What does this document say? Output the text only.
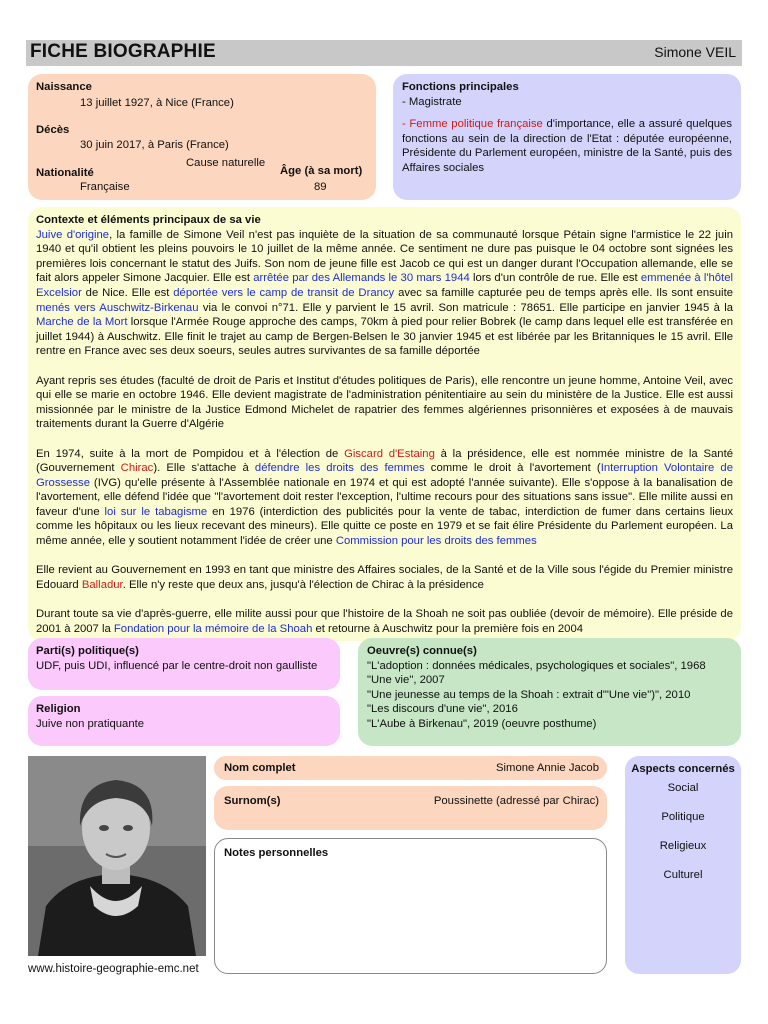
FICHE BIOGRAPHIE	Simone VEIL
Naissance
13 juillet 1927, à Nice (France)
Décès
30 juin 2017, à Paris (France)
Cause naturelle
Nationalité
Française
Âge (à sa mort)
89
Fonctions principales
- Magistrate
- Femme politique française d'importance, elle a assuré quelques fonctions au sein de la direction de l'Etat : députée européenne, Présidente du Parlement européen, ministre de la Santé, puis des Affaires sociales
Contexte et éléments principaux de sa vie

Juive d'origine, la famille de Simone Veil n'est pas inquiète de la situation de sa communauté lorsque Pétain signe l'armistice le 22 juin 1940 et qu'il obtient les pleins pouvoirs le 10 juillet de la même année. Ce sentiment ne dure pas puisque le 04 octobre sont signées les premières lois concernant le statut des Juifs. Son nom de jeune fille est Jacob ce qui est un danger durant l'Occupation allemande, elle se fait alors appeler Simone Jacquier. Elle est arrêtée par des Allemands le 30 mars 1944 lors d'un contrôle de rue. Elle est emmenée à l'hôtel Excelsior de Nice. Elle est déportée vers le camp de transit de Drancy avec sa famille capturée peu de temps après elle. Ils sont ensuite menés vers Auschwitz-Birkenau via le convoi n°71. Elle y parvient le 15 avril. Son matricule : 78651. Elle participe en janvier 1945 à la Marche de la Mort lorsque l'Armée Rouge approche des camps, 70km à pied pour relier Bobrek (le camp dans lequel elle est transférée en juillet 1944) à Auschwitz. Elle finit le trajet au camp de Bergen-Belsen le 30 janvier 1945 et est libérée par les Britanniques le 15 avril. Elle rentre en France avec ses deux soeurs, seules autres survivantes de sa famille déportée

Ayant repris ses études (faculté de droit de Paris et Institut d'études politiques de Paris), elle rencontre un jeune homme, Antoine Veil, avec qui elle se marie en octobre 1946. Elle devient magistrate de l'administration pénitentiaire au sein du ministère de la Justice. Elle est aussi missionnée par le ministre de la Justice Edmond Michelet de rapatrier des femmes algériennes prisonnières et exposées à de mauvais traitements durant la Guerre d'Algérie

En 1974, suite à la mort de Pompidou et à l'élection de Giscard d'Estaing à la présidence, elle est nommée ministre de la Santé (Gouvernement Chirac). Elle s'attache à défendre les droits des femmes comme le droit à l'avortement (Interruption Volontaire de Grossesse (IVG) qu'elle présente à l'Assemblée nationale en 1974 et qui est adopté l'année suivante). Elle s'oppose à la banalisation de l'avortement, elle défend l'idée que "l'avortement doit rester l'exception, l'ultime recours pour des situations sans issue". Elle milite aussi en faveur d'une loi sur le tabagisme en 1976 (interdiction des publicités pour la vente de tabac, interdiction de fumer dans certains lieux comme les hôpitaux ou les lieux recevant des mineurs). Elle quitte ce poste en 1979 et se fait élire Présidente du Parlement européen. La même année, elle y soutient notamment l'idée de créer une Commission pour les droits des femmes

Elle revient au Gouvernement en 1993 en tant que ministre des Affaires sociales, de la Santé et de la Ville sous l'égide du Premier ministre Edouard Balladur. Elle n'y reste que deux ans, jusqu'à l'élection de Chirac à la présidence

Durant toute sa vie d'après-guerre, elle milite aussi pour que l'histoire de la Shoah ne soit pas oubliée (devoir de mémoire). Elle préside de 2001 à 2007 la Fondation pour la mémoire de la Shoah et retourne à Auschwitz pour la première fois en 2004

Parti(s) politique(s)
UDF, puis UDI, influencé par le centre-droit non gaulliste
Religion
Juive non pratiquante
Oeuvre(s) connue(s)
"L'adoption : données médicales, psychologiques et sociales", 1968
"Une vie", 2007
"Une jeunesse au temps de la Shoah : extrait d'"Une vie")", 2010
"Les discours d'une vie", 2016
"L'Aube à Birkenau", 2019 (oeuvre posthume)
www.histoire-geographie-emc.net
Nom complet	Simone Annie Jacob
Surnom(s)	Poussinette (adressé par Chirac)
Notes personnelles
Aspects concernés
Social
Politique
Religieux
Culturel
